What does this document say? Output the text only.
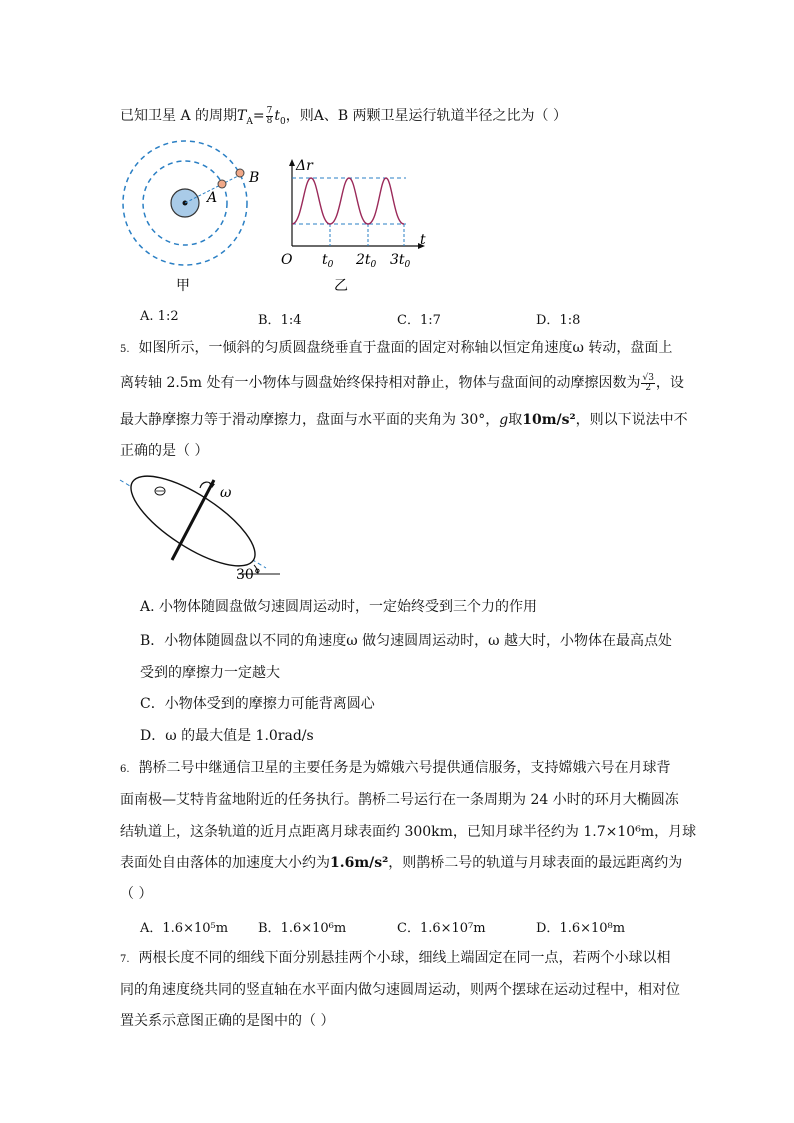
已知卫星 A 的周期$T_A= \frac{7}{8} t_0$，则A、B 两颗卫星运行轨道半径之比为（ ）
A
B
甲
Δr
t
O $t_0$ $2t_0$ $3t_0$
乙
A. 1:2	B．1:4	C．1:7	D．1:8
5. 如图所示，一倾斜的匀质圆盘绕垂直于盘面的固定对称轴以恒定角速度ω 转动，盘面上
离转轴 2.5m 处有一小物体与圆盘始终保持相对静止，物体与盘面间的动摩擦因数为 $\frac{√3}{2}$ ，设
最大静摩擦力等于滑动摩擦力，盘面与水平面的夹角为 30°，g取10m/s²，则以下说法中不
正确的是（ ）
ω
30°
A. 小物体随圆盘做匀速圆周运动时，一定始终受到三个力的作用
B．小物体随圆盘以不同的角速度ω 做匀速圆周运动时，ω 越大时，小物体在最高点处
受到的摩擦力一定越大
C．小物体受到的摩擦力可能背离圆心
D．ω 的最大值是 1.0rad/s
6. 鹊桥二号中继通信卫星的主要任务是为嫦娥六号提供通信服务，支持嫦娥六号在月球背
面南极—艾特肯盆地附近的任务执行。鹊桥二号运行在一条周期为 24 小时的环月大椭圆冻
结轨道上，这条轨道的近月点距离月球表面约 300km，已知月球半径约为 1.7×10⁶m，月球
表面处自由落体的加速度大小约为1.6m/s²，则鹊桥二号的轨道与月球表面的最远距离约为
（ ）
A．1.6×10⁵m B．1.6×10⁶m	C．1.6×10⁷m	D．1.6×10⁸m
7. 两根长度不同的细线下面分别悬挂两个小球，细线上端固定在同一点，若两个小球以相
同的角速度绕共同的竖直轴在水平面内做匀速圆周运动，则两个摆球在运动过程中，相对位
置关系示意图正确的是图中的（ ）
